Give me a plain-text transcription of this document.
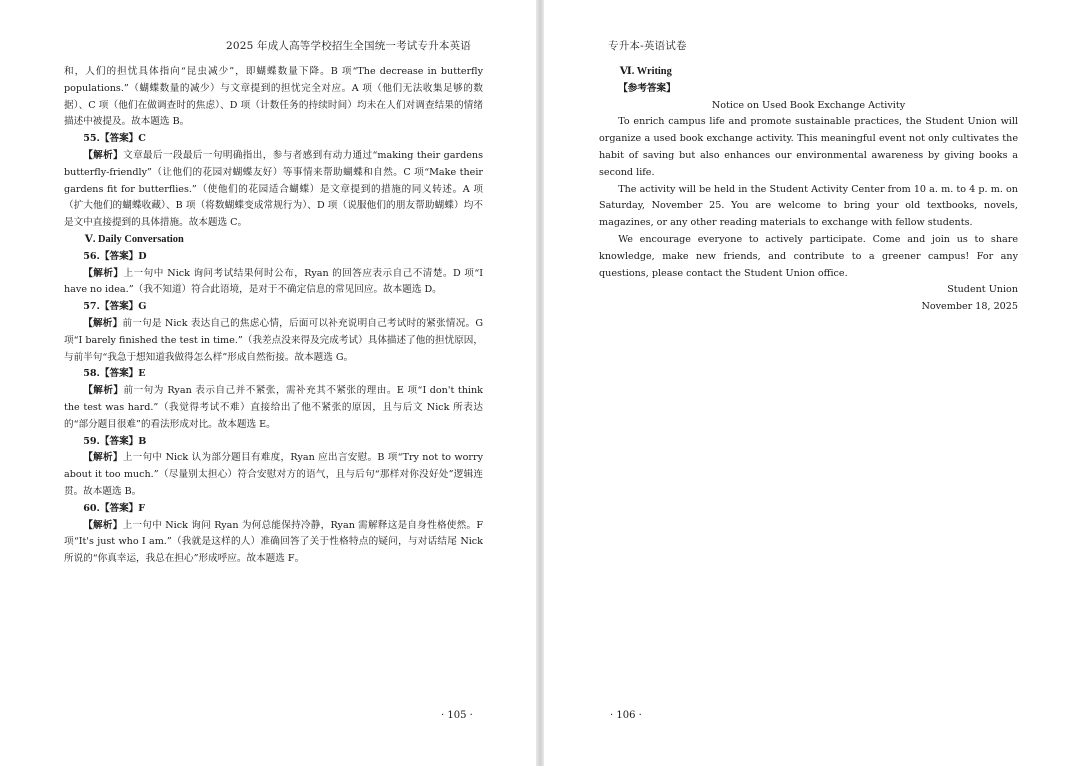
2025 年成人高等学校招生全国统一考试专升本英语

和，人们的担忧具体指向“昆虫减少”，即蝴蝶数量下降。B 项“The decrease in butterfly populations.”（蝴蝶数量的减少）与文章提到的担忧完全对应。A 项（他们无法收集足够的数据）、C 项（他们在做调查时的焦虑）、D 项（计数任务的持续时间）均未在人们对调查结果的情绪描述中被提及。故本题选 B。

55.【答案】C

【解析】文章最后一段最后一句明确指出，参与者感到有动力通过“making their gardens butterfly-friendly”（让他们的花园对蝴蝶友好）等事情来帮助蝴蝶和自然。C 项“Make their gardens fit for butterflies.”（使他们的花园适合蝴蝶）是文章提到的措施的同义转述。A 项（扩大他们的蝴蝶收藏）、B 项（将数蝴蝶变成常规行为）、D 项（说服他们的朋友帮助蝴蝶）均不是文中直接提到的具体措施。故本题选 C。

Ⅴ. Daily Conversation

56.【答案】D

【解析】上一句中 Nick 询问考试结果何时公布，Ryan 的回答应表示自己不清楚。D 项“I have no idea.”（我不知道）符合此语境，是对于不确定信息的常见回应。故本题选 D。

57.【答案】G

【解析】前一句是 Nick 表达自己的焦虑心情，后面可以补充说明自己考试时的紧张情况。G 项“I barely finished the test in time.”（我差点没来得及完成考试）具体描述了他的担忧原因，与前半句“我急于想知道我做得怎么样”形成自然衔接。故本题选 G。

58.【答案】E

【解析】前一句为 Ryan 表示自己并不紧张，需补充其不紧张的理由。E 项“I don't think the test was hard.”（我觉得考试不难）直接给出了他不紧张的原因，且与后文 Nick 所表达的“部分题目很难”的看法形成对比。故本题选 E。

59.【答案】B

【解析】上一句中 Nick 认为部分题目有难度，Ryan 应出言安慰。B 项“Try not to worry about it too much.”（尽量别太担心）符合安慰对方的语气，且与后句“那样对你没好处”逻辑连贯。故本题选 B。

60.【答案】F

【解析】上一句中 Nick 询问 Ryan 为何总能保持冷静，Ryan 需解释这是自身性格使然。F 项“It's just who I am.”（我就是这样的人）准确回答了关于性格特点的疑问，与对话结尾 Nick 所说的“你真幸运，我总在担心”形成呼应。故本题选 F。

· 105 ·
专升本-英语试卷

Ⅵ. Writing

【参考答案】

Notice on Used Book Exchange Activity

To enrich campus life and promote sustainable practices, the Student Union will organize a used book exchange activity. This meaningful event not only cultivates the habit of saving but also enhances our environmental awareness by giving books a second life.

The activity will be held in the Student Activity Center from 10 a. m. to 4 p. m. on Saturday, November 25. You are welcome to bring your old textbooks, novels, magazines, or any other reading materials to exchange with fellow students.

We encourage everyone to actively participate. Come and join us to share knowledge, make new friends, and contribute to a greener campus! For any questions, please contact the Student Union office.

Student Union

November 18, 2025

· 106 ·
